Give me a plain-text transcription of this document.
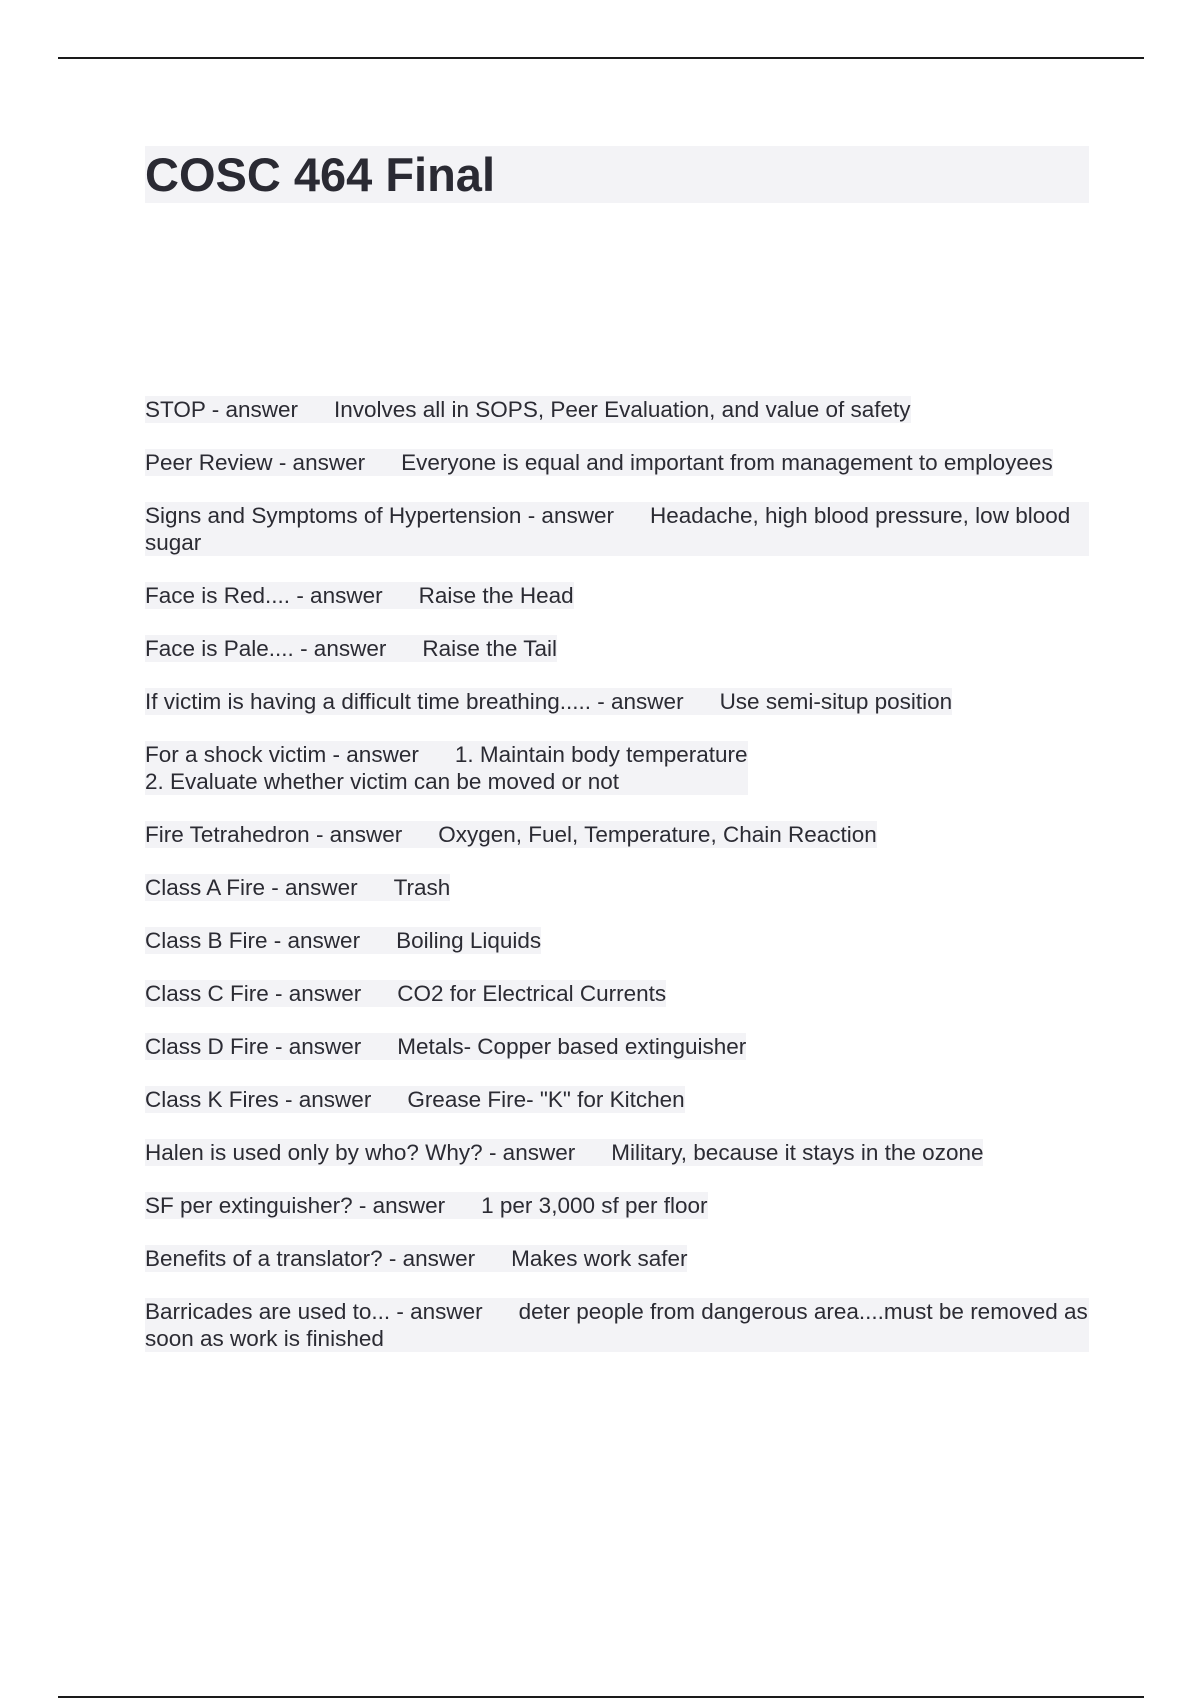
COSC 464 Final
STOP - answer Involves all in SOPS, Peer Evaluation, and value of safety
Peer Review - answer Everyone is equal and important from management to employees
Signs and Symptoms of Hypertension - answer Headache, high blood pressure, low blood sugar
Face is Red.... - answer Raise the Head
Face is Pale.... - answer Raise the Tail
If victim is having a difficult time breathing..... - answer Use semi-situp position
For a shock victim - answer 1. Maintain body temperature
2. Evaluate whether victim can be moved or not
Fire Tetrahedron - answer Oxygen, Fuel, Temperature, Chain Reaction
Class A Fire - answer Trash
Class B Fire - answer Boiling Liquids
Class C Fire - answer CO2 for Electrical Currents
Class D Fire - answer Metals- Copper based extinguisher
Class K Fires - answer Grease Fire- "K" for Kitchen
Halen is used only by who? Why? - answer Military, because it stays in the ozone
SF per extinguisher? - answer 1 per 3,000 sf per floor
Benefits of a translator? - answer Makes work safer
Barricades are used to... - answer deter people from dangerous area....must be removed as soon as work is finished
